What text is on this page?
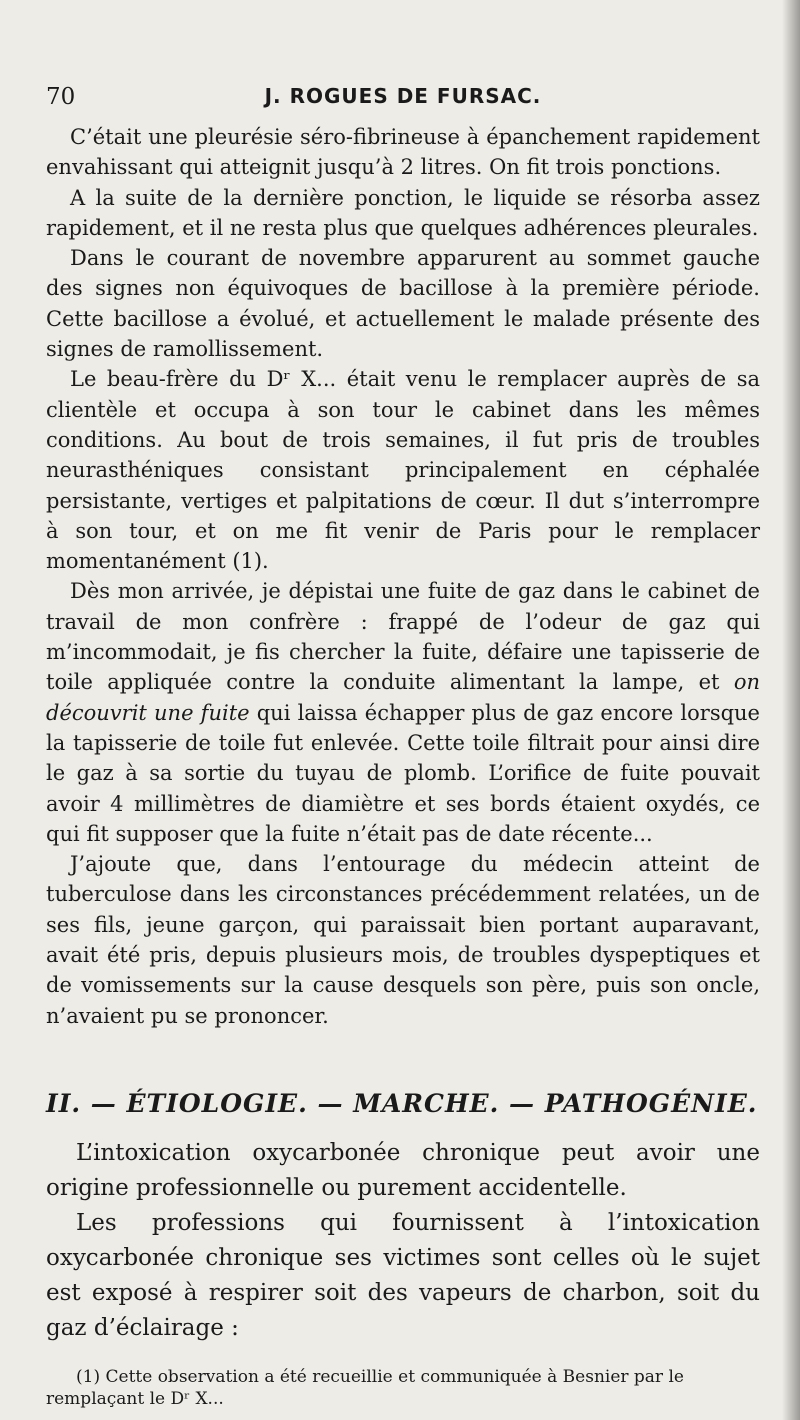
70	J. ROGUES DE FURSAC.

C’était une pleurésie séro-fibrineuse à épanchement rapidement envahissant qui atteignit jusqu’à 2 litres. On fit trois ponctions.

A la suite de la dernière ponction, le liquide se résorba assez rapidement, et il ne resta plus que quelques adhérences pleurales.

Dans le courant de novembre apparurent au sommet gauche des signes non équivoques de bacillose à la première période. Cette bacillose a évolué, et actuellement le malade présente des signes de ramollissement.

Le beau-frère du Dʳ X... était venu le remplacer auprès de sa clientèle et occupa à son tour le cabinet dans les mêmes conditions. Au bout de trois semaines, il fut pris de troubles neurasthéniques consistant principalement en céphalée persistante, vertiges et palpitations de cœur. Il dut s’interrompre à son tour, et on me fit venir de Paris pour le remplacer momentanément (1).

Dès mon arrivée, je dépistai une fuite de gaz dans le cabinet de travail de mon confrère : frappé de l’odeur de gaz qui m’incommodait, je fis chercher la fuite, défaire une tapisserie de toile appliquée contre la conduite alimentant la lampe, et on découvrit une fuite qui laissa échapper plus de gaz encore lorsque la tapisserie de toile fut enlevée. Cette toile filtrait pour ainsi dire le gaz à sa sortie du tuyau de plomb. L’orifice de fuite pouvait avoir 4 millimètres de diamiètre et ses bords étaient oxydés, ce qui fit supposer que la fuite n’était pas de date récente...

J’ajoute que, dans l’entourage du médecin atteint de tuberculose dans les circonstances précédemment relatées, un de ses fils, jeune garçon, qui paraissait bien portant auparavant, avait été pris, depuis plusieurs mois, de troubles dyspeptiques et de vomissements sur la cause desquels son père, puis son oncle, n’avaient pu se prononcer.

II. — ÉTIOLOGIE. — MARCHE. — PATHOGÉNIE.

L’intoxication oxycarbonée chronique peut avoir une origine professionnelle ou purement accidentelle.

Les professions qui fournissent à l’intoxication oxycarbonée chronique ses victimes sont celles où le sujet est exposé à respirer soit des vapeurs de charbon, soit du gaz d’éclairage :

(1) Cette observation a été recueillie et communiquée à Besnier par le remplaçant le Dʳ X...
